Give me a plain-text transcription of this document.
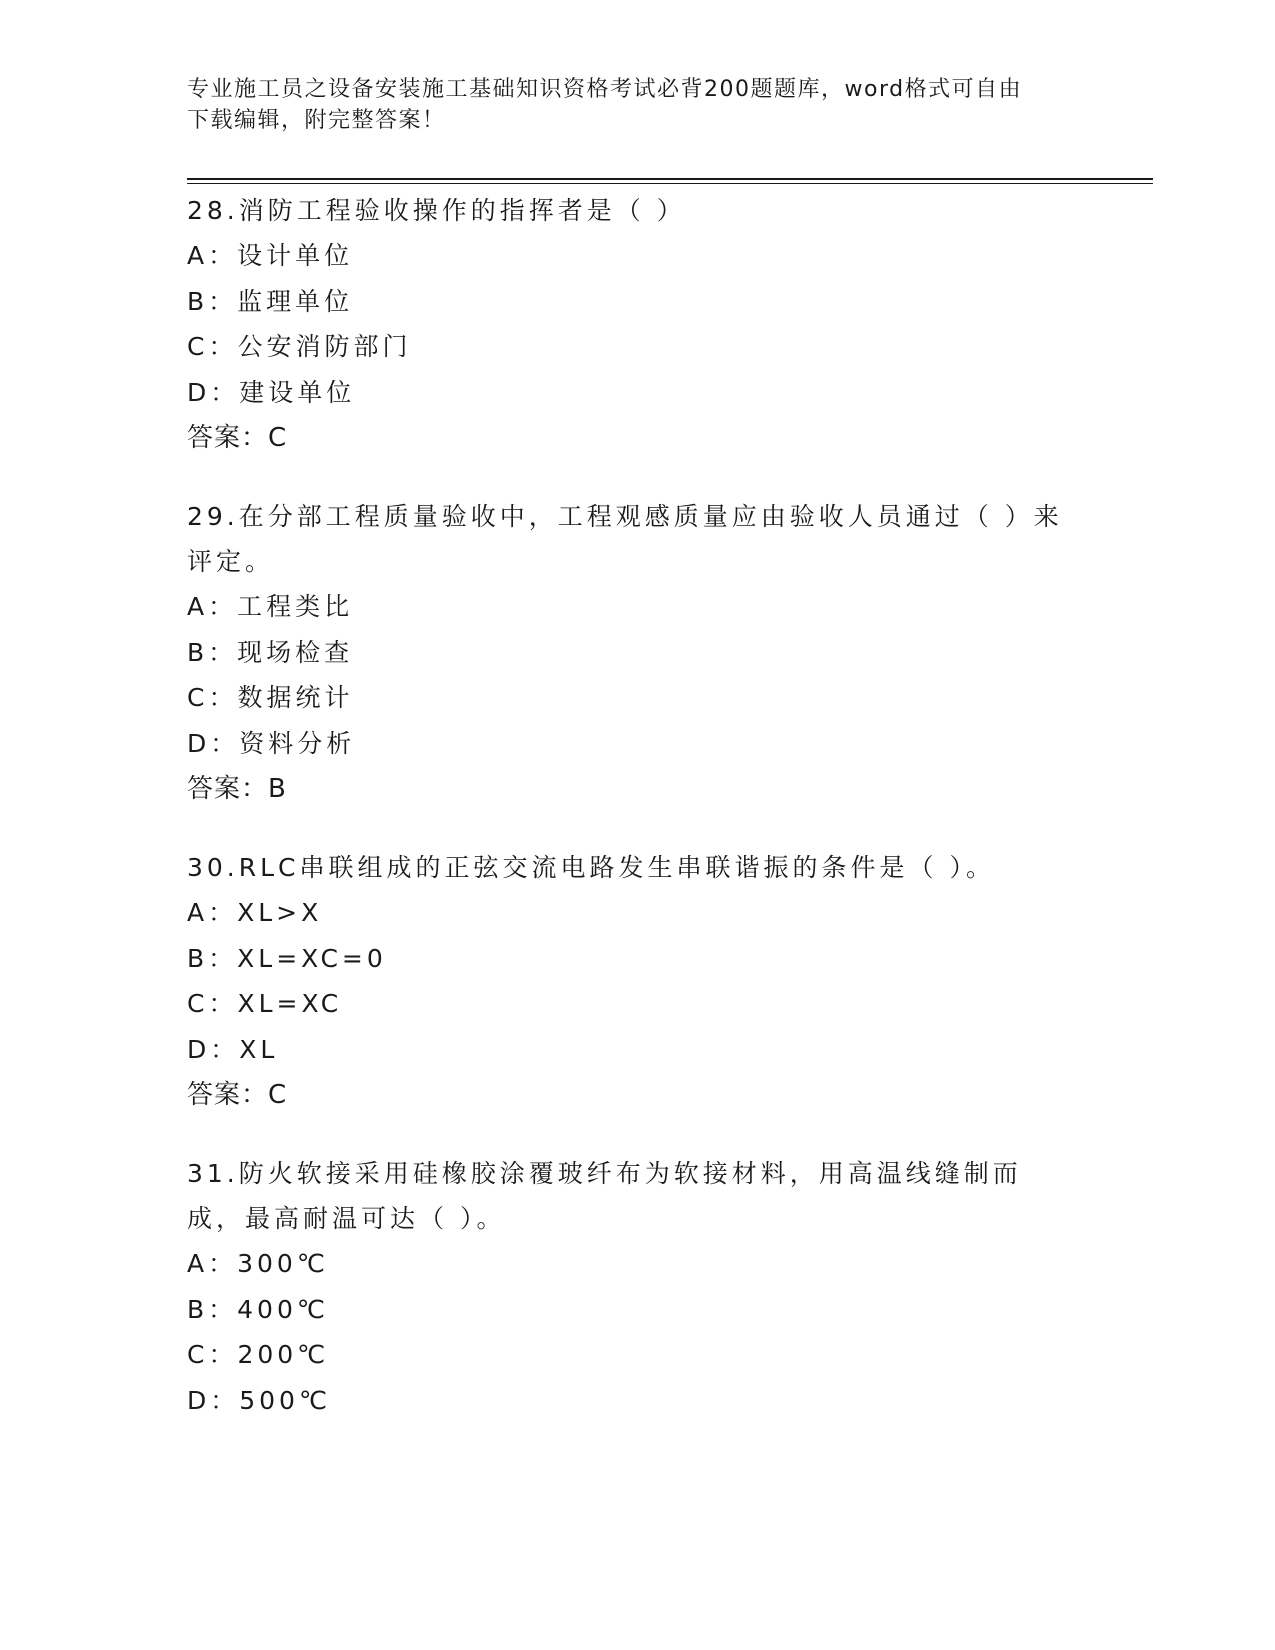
专业施工员之设备安装施工基础知识资格考试必背200题题库，word格式可自由
下载编辑，附完整答案！

28.消防工程验收操作的指挥者是（ ）

A：设计单位
B：监理单位
C：公安消防部门
D：建设单位
答案：C

29.在分部工程质量验收中，工程观感质量应由验收人员通过（ ）来评定。

A：工程类比
B：现场检查
C：数据统计
D：资料分析
答案：B

30.RLC串联组成的正弦交流电路发生串联谐振的条件是（ ）。

A：XL>X
B：XL=XC=0
C：XL=XC
D：XL
答案：C

31.防火软接采用硅橡胶涂覆玻纤布为软接材料，用高温线缝制而成，最高耐温可达（ ）。

A：300℃
B：400℃
C：200℃
D：500℃
